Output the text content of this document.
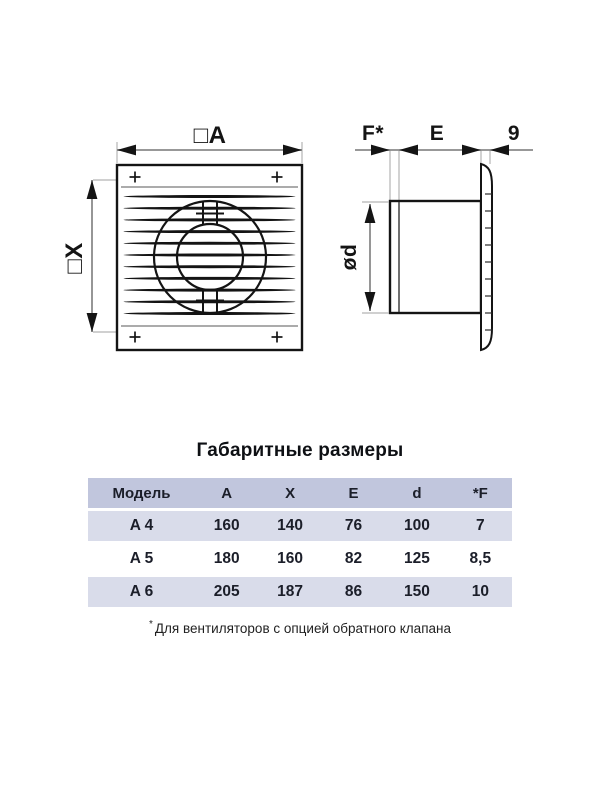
□A
□X
F*	E	9
ød
Габаритные размеры
Модель	A	X	E	d	*F
A 4	160	140	76	100	7
A 5	180	160	82	125	8,5
A 6	205	187	86	150	10
* Для вентиляторов с опцией обратного клапана
